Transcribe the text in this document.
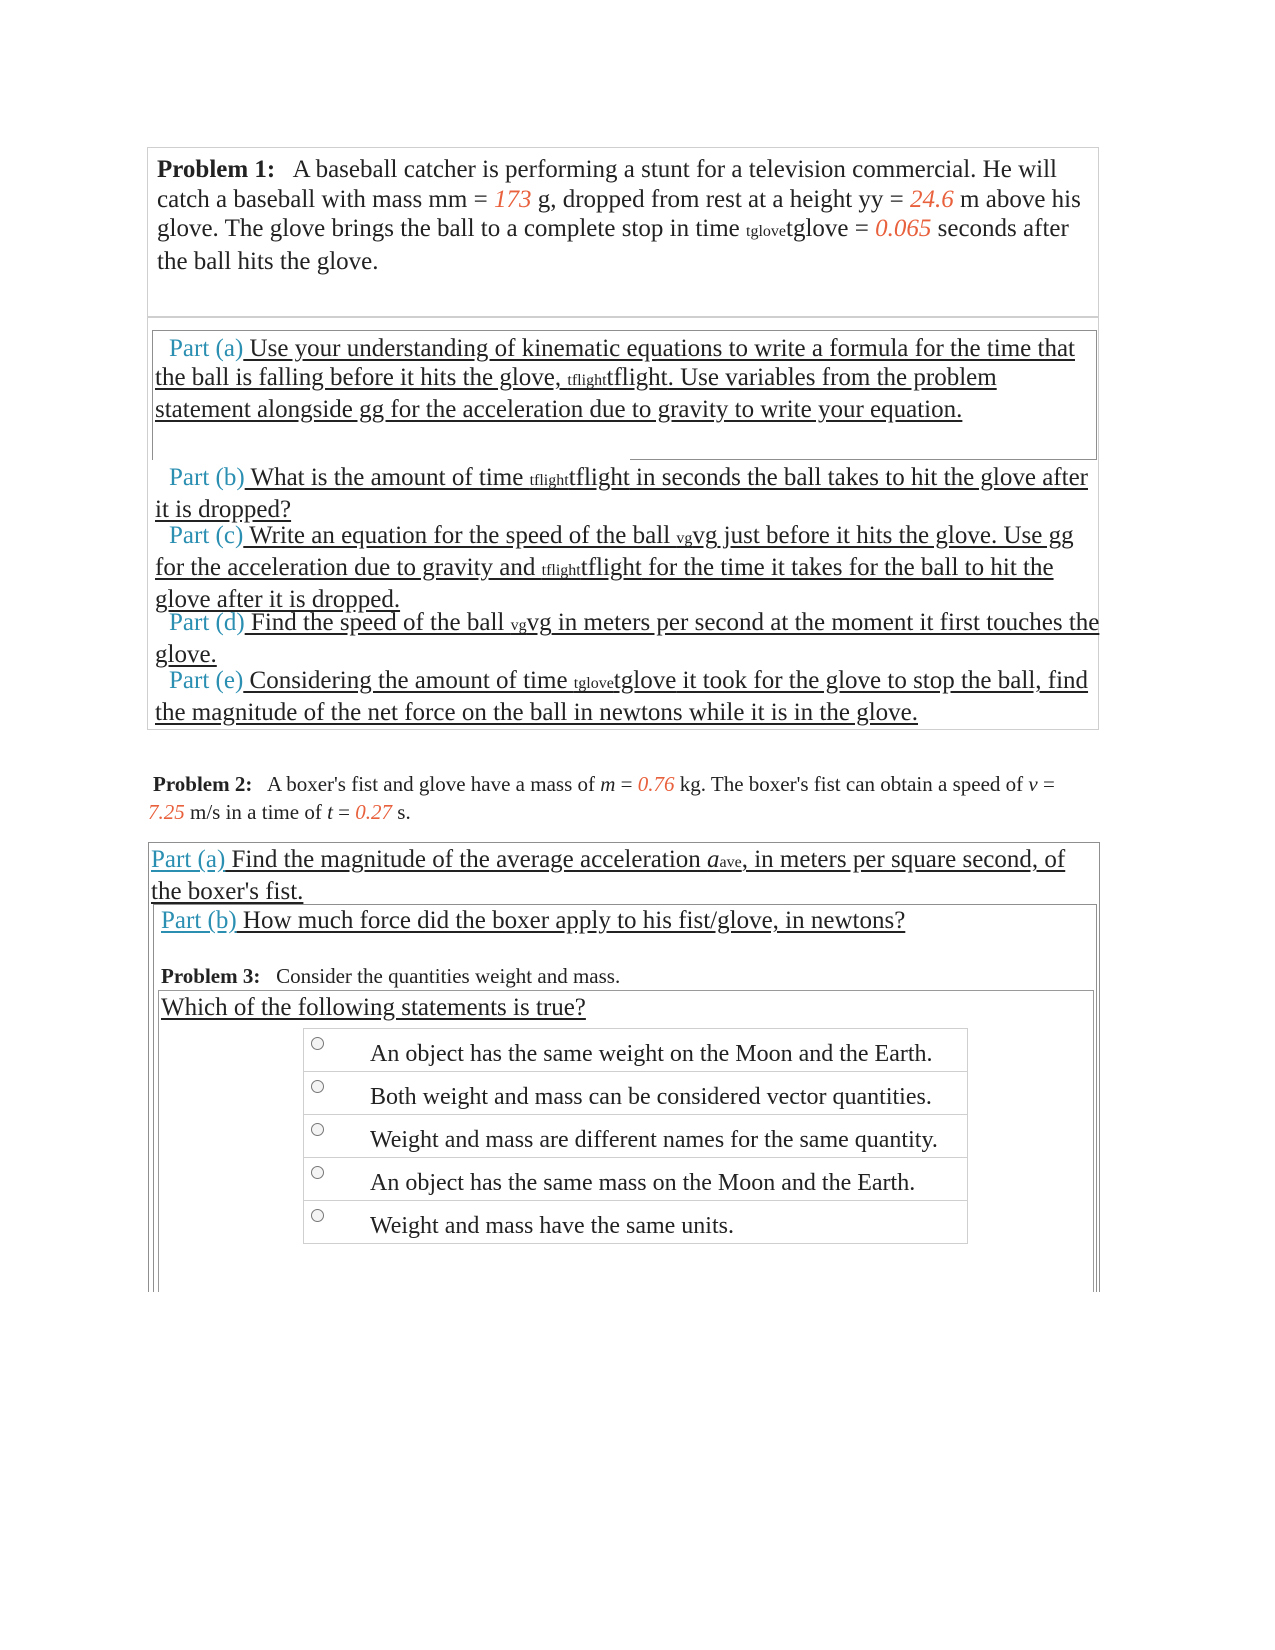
Problem 1: A baseball catcher is performing a stunt for a television commercial. He will catch a baseball with mass mm = 173 g, dropped from rest at a height yy = 24.6 m above his glove. The glove brings the ball to a complete stop in time tglovetglove = 0.065 seconds after the ball hits the glove.
Part (a) Use your understanding of kinematic equations to write a formula for the time that the ball is falling before it hits the glove, tflighttflight. Use variables from the problem statement alongside gg for the acceleration due to gravity to write your equation.
Part (b) What is the amount of time tflighttflight in seconds the ball takes to hit the glove after it is dropped?
Part (c) Write an equation for the speed of the ball vgvg just before it hits the glove. Use gg for the acceleration due to gravity and tflighttflight for the time it takes for the ball to hit the glove after it is dropped.
Part (d) Find the speed of the ball vgvg in meters per second at the moment it first touches the glove.
Part (e) Considering the amount of time tglovetglove it took for the glove to stop the ball, find the magnitude of the net force on the ball in newtons while it is in the glove.
Problem 2: A boxer's fist and glove have a mass of m = 0.76 kg. The boxer's fist can obtain a speed of v = 7.25 m/s in a time of t = 0.27 s.
Part (a) Find the magnitude of the average acceleration aave, in meters per square second, of the boxer's fist.
Part (b) How much force did the boxer apply to his fist/glove, in newtons?
Problem 3: Consider the quantities weight and mass.
Which of the following statements is true?
An object has the same weight on the Moon and the Earth.
Both weight and mass can be considered vector quantities.
Weight and mass are different names for the same quantity.
An object has the same mass on the Moon and the Earth.
Weight and mass have the same units.
